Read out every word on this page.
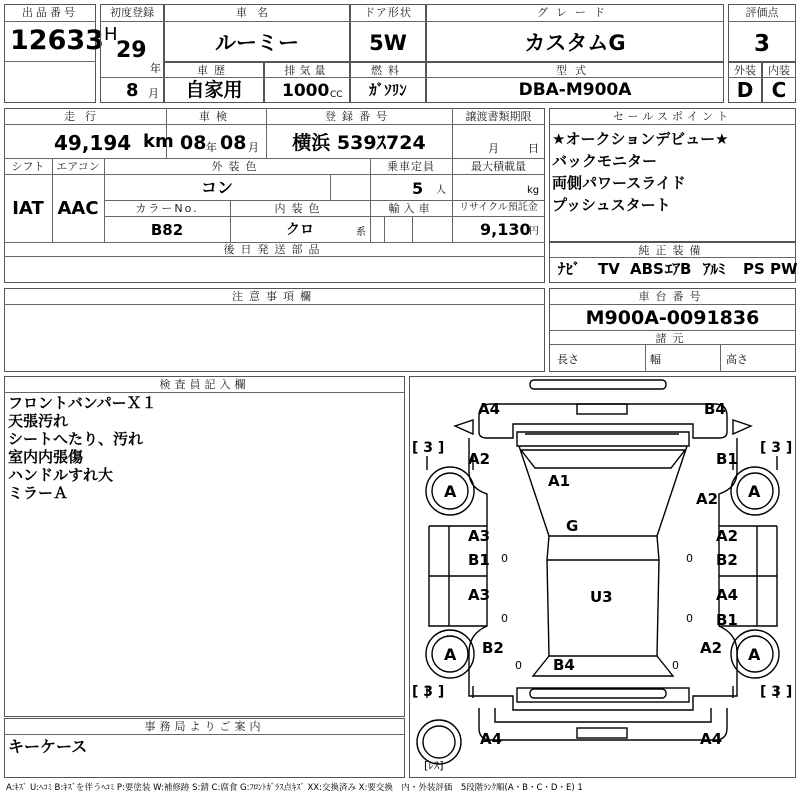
出品番号
12633
初度登録
H
29
年
8 月
車名
ルーミー
ドア形状
5W
グレード
カスタムG
評価点
3
車歴
自家用
排気量
1000 CC
燃料
ｶﾞｿﾘﾝ
型式
DBA-M900A
外装
D
内装
C
走行
49,194 km
車検
08 年 08 月
登録番号
横浜 539ｽ724
譲渡書類期限
月	日
シフト
IAT
エアコン
AAC
外装色
コン
乗車定員
5 人
最大積載量
kg
カラーNo.
B82
内装色
クロ	系
輸入車	リサイクル預託金
9,130
円
後日発送部品
セールスポイント
★オークションデビュー★
バックモニター
両側パワースライド
プッシュスタート
純正装備
ﾅﾋﾞ TV ABS ｴｱB ｱﾙﾐ PS PW
注意事項欄	車台番号
M900A-0091836
諸元
長さ	幅	高さ
検査員記入欄
フロントバンパーＸ１
天張汚れ
シートへたり、汚れ
室内内張傷
ハンドルすれ大
ミラーＡ
事務局よりご案内
キーケース
A4	B4
A2	B1
A	A
A1
A2
G
A3	A2
B1	B2
0	0
A3	U3	A4
B1
0	0
A B2	A2 A
B4
0	0
A4	A4
[ 3 ]	[ 3 ]
[ 3 ]	[ 3 ]
[ﾚｽ]
A:ｷｽﾞ U:ﾍｺﾐ B:ｷｽﾞを伴うﾍｺﾐ P:要塗装 W:補修跡 S:錆 C:腐食 G:ﾌﾛﾝﾄｶﾞﾗｽ点ｷｽﾞ XX:交換済み X:要交換　内・外装評価　5段階ﾗﾝｸ順(A・B・C・D・E) 1
